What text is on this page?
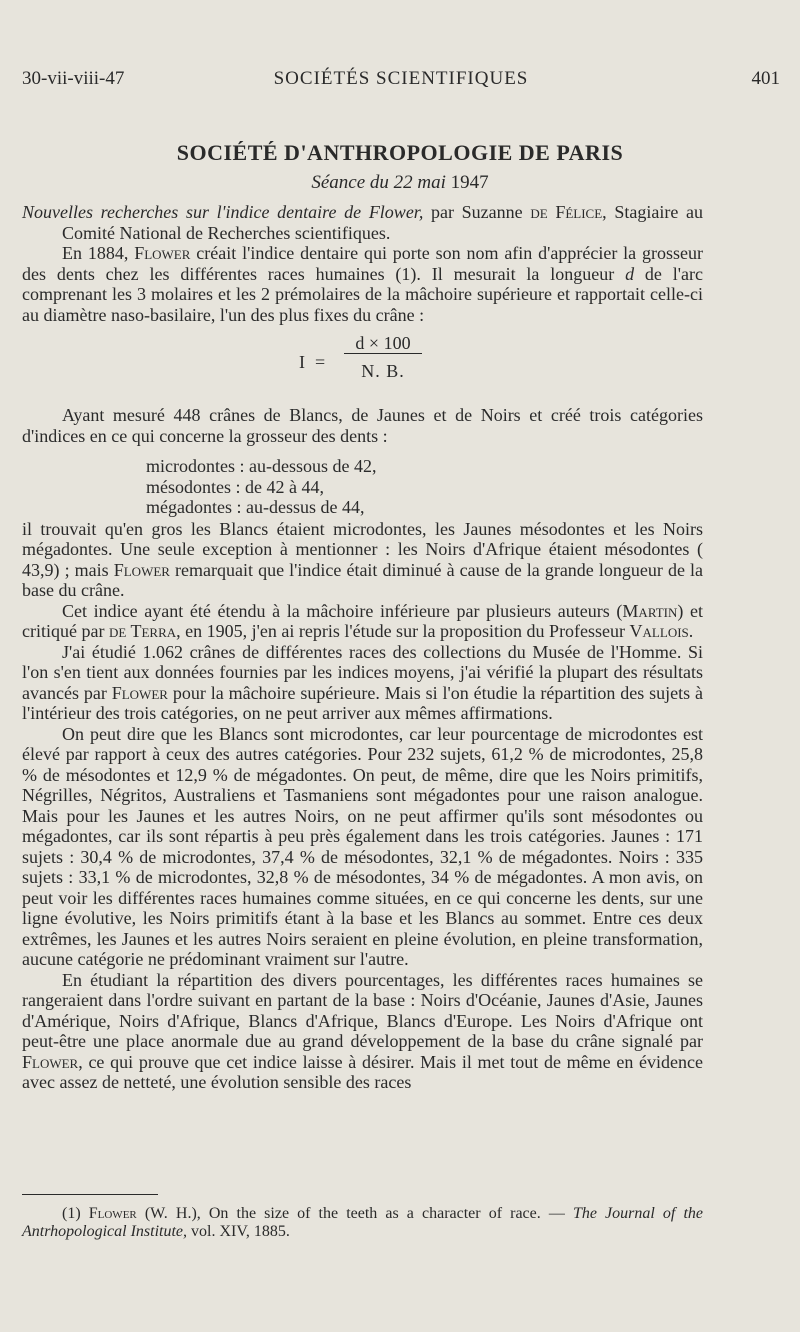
30-vii-viii-47	SOCIÉTÉS SCIENTIFIQUES	401
SOCIÉTÉ D'ANTHROPOLOGIE DE PARIS
Séance du 22 mai 1947

Nouvelles recherches sur l'indice dentaire de Flower, par Suzanne de Félice, Stagiaire au Comité National de Recherches scientifiques.

En 1884, Flower créait l'indice dentaire qui porte son nom afin d'apprécier la grosseur des dents chez les différentes races humaines (1). Il mesurait la longueur d de l'arc comprenant les 3 molaires et les 2 prémolaires de la mâchoire supérieure et rapportait celle-ci au diamètre naso-basilaire, l'un des plus fixes du crâne :

I =
d × 100
N. B.

Ayant mesuré 448 crânes de Blancs, de Jaunes et de Noirs et créé trois catégories d'indices en ce qui concerne la grosseur des dents :

microdontes : au-dessous de 42,
mésodontes : de 42 à 44,
mégadontes : au-dessus de 44,

il trouvait qu'en gros les Blancs étaient microdontes, les Jaunes mésodontes et les Noirs mégadontes. Une seule exception à mentionner : les Noirs d'Afrique étaient mésodontes ( 43,9) ; mais Flower remarquait que l'indice était diminué à cause de la grande longueur de la base du crâne.

Cet indice ayant été étendu à la mâchoire inférieure par plusieurs auteurs (Martin) et critiqué par de Terra, en 1905, j'en ai repris l'étude sur la proposition du Professeur Vallois.

J'ai étudié 1.062 crânes de différentes races des collections du Musée de l'Homme. Si l'on s'en tient aux données fournies par les indices moyens, j'ai vérifié la plupart des résultats avancés par Flower pour la mâchoire supérieure. Mais si l'on étudie la répartition des sujets à l'intérieur des trois catégories, on ne peut arriver aux mêmes affirmations.

On peut dire que les Blancs sont microdontes, car leur pourcentage de microdontes est élevé par rapport à ceux des autres catégories. Pour 232 sujets, 61,2 % de microdontes, 25,8 % de mésodontes et 12,9 % de mégadontes. On peut, de même, dire que les Noirs primitifs, Négrilles, Négritos, Australiens et Tasmaniens sont mégadontes pour une raison analogue. Mais pour les Jaunes et les autres Noirs, on ne peut affirmer qu'ils sont mésodontes ou mégadontes, car ils sont répartis à peu près également dans les trois catégories. Jaunes : 171 sujets : 30,4 % de microdontes, 37,4 % de mésodontes, 32,1 % de mégadontes. Noirs : 335 sujets : 33,1 % de microdontes, 32,8 % de mésodontes, 34 % de mégadontes. A mon avis, on peut voir les différentes races humaines comme situées, en ce qui concerne les dents, sur une ligne évolutive, les Noirs primitifs étant à la base et les Blancs au sommet. Entre ces deux extrêmes, les Jaunes et les autres Noirs seraient en pleine évolution, en pleine transformation, aucune catégorie ne prédominant vraiment sur l'autre.

En étudiant la répartition des divers pourcentages, les différentes races humaines se rangeraient dans l'ordre suivant en partant de la base : Noirs d'Océanie, Jaunes d'Asie, Jaunes d'Amérique, Noirs d'Afrique, Blancs d'Afrique, Blancs d'Europe. Les Noirs d'Afrique ont peut-être une place anormale due au grand développement de la base du crâne signalé par Flower, ce qui prouve que cet indice laisse à désirer. Mais il met tout de même en évidence avec assez de netteté, une évolution sensible des races

(1) Flower (W. H.), On the size of the teeth as a character of race. — The Journal of the Antrhopological Institute, vol. XIV, 1885.
